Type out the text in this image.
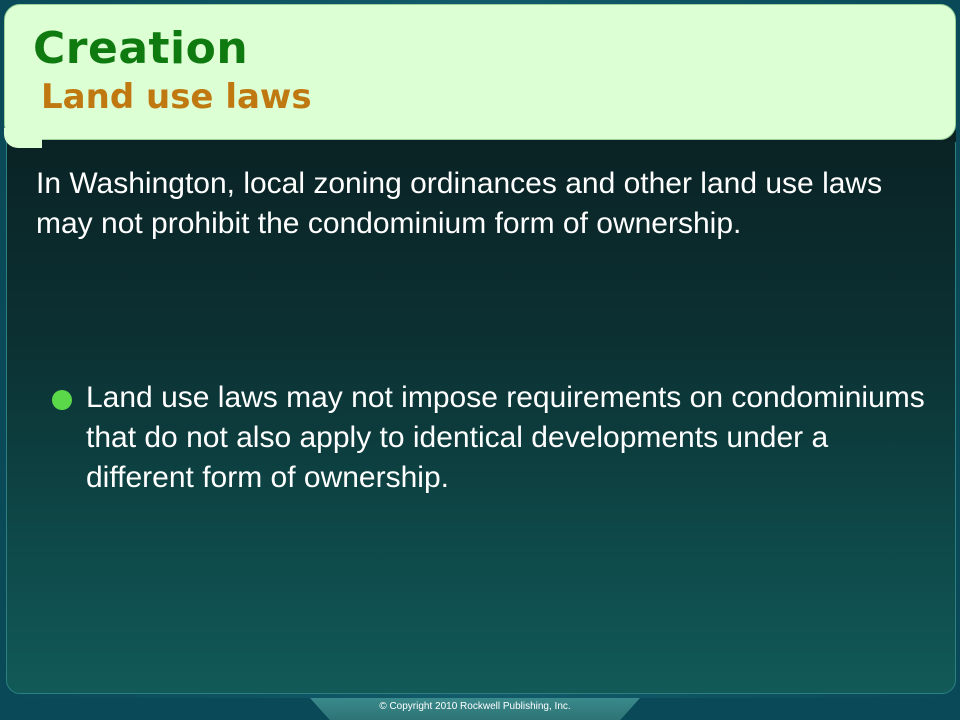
Creation
Land use laws

In Washington, local zoning ordinances and other land use laws may not prohibit the condominium form of ownership.

Land use laws may not impose requirements on condominiums that do not also apply to identical developments under a different form of ownership.

© Copyright 2010 Rockwell Publishing, Inc.
